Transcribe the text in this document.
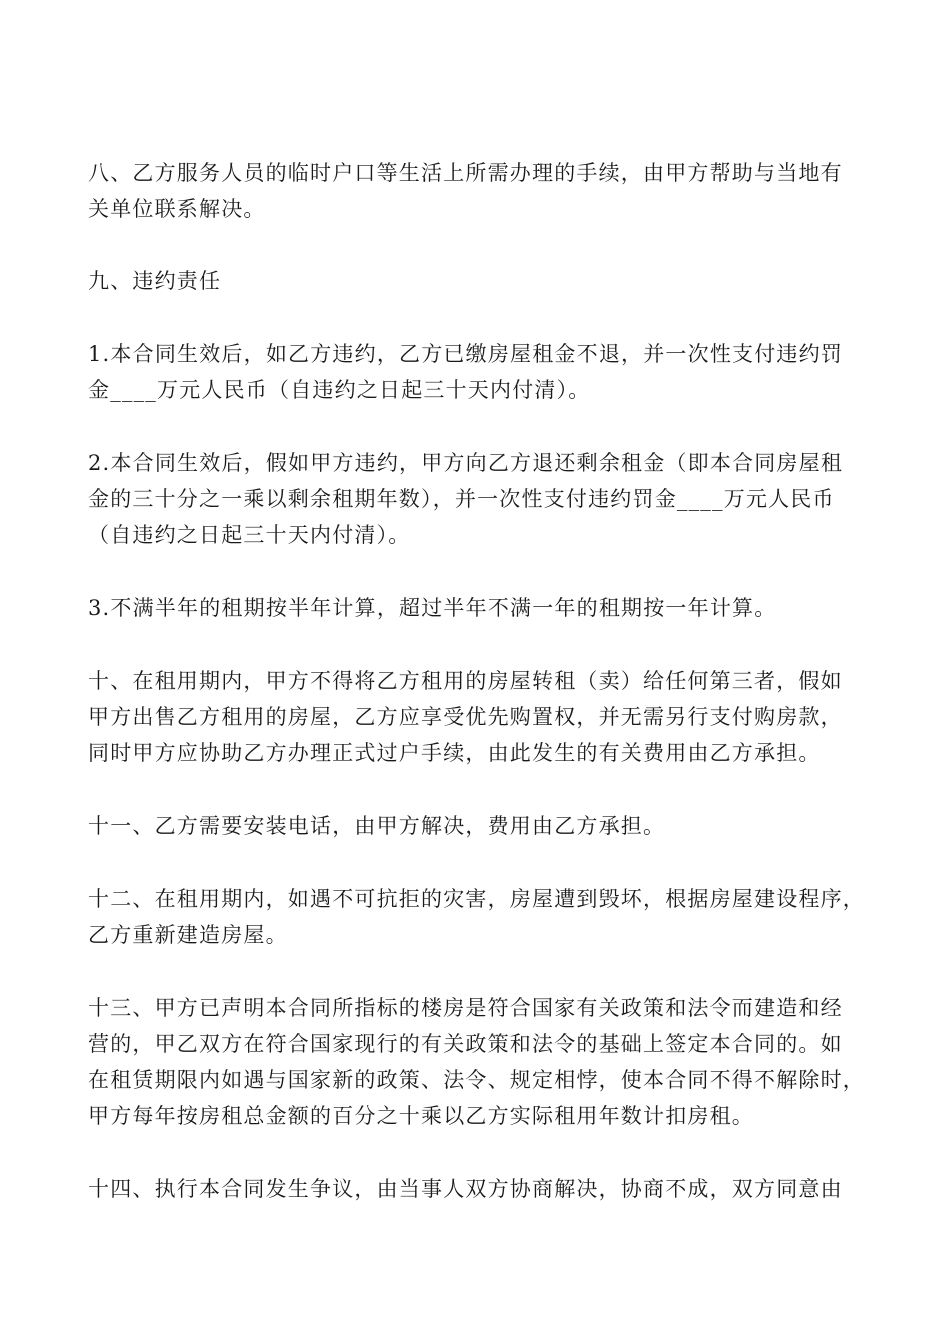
八、乙方服务人员的临时户口等生活上所需办理的手续，由甲方帮助与当地有
关单位联系解决。
九、违约责任
1.本合同生效后，如乙方违约，乙方已缴房屋租金不退，并一次性支付违约罚
金____万元人民币（自违约之日起三十天内付清）。
2.本合同生效后，假如甲方违约，甲方向乙方退还剩余租金（即本合同房屋租
金的三十分之一乘以剩余租期年数），并一次性支付违约罚金____万元人民币
（自违约之日起三十天内付清）。
3.不满半年的租期按半年计算，超过半年不满一年的租期按一年计算。
十、在租用期内，甲方不得将乙方租用的房屋转租（卖）给任何第三者，假如
甲方出售乙方租用的房屋，乙方应享受优先购置权，并无需另行支付购房款，
同时甲方应协助乙方办理正式过户手续，由此发生的有关费用由乙方承担。
十一、乙方需要安装电话，由甲方解决，费用由乙方承担。
十二、在租用期内，如遇不可抗拒的灾害，房屋遭到毁坏，根据房屋建设程序，
乙方重新建造房屋。
十三、甲方已声明本合同所指标的楼房是符合国家有关政策和法令而建造和经
营的，甲乙双方在符合国家现行的有关政策和法令的基础上签定本合同的。如
在租赁期限内如遇与国家新的政策、法令、规定相悖，使本合同不得不解除时，
甲方每年按房租总金额的百分之十乘以乙方实际租用年数计扣房租。
十四、执行本合同发生争议，由当事人双方协商解决，协商不成，双方同意由
